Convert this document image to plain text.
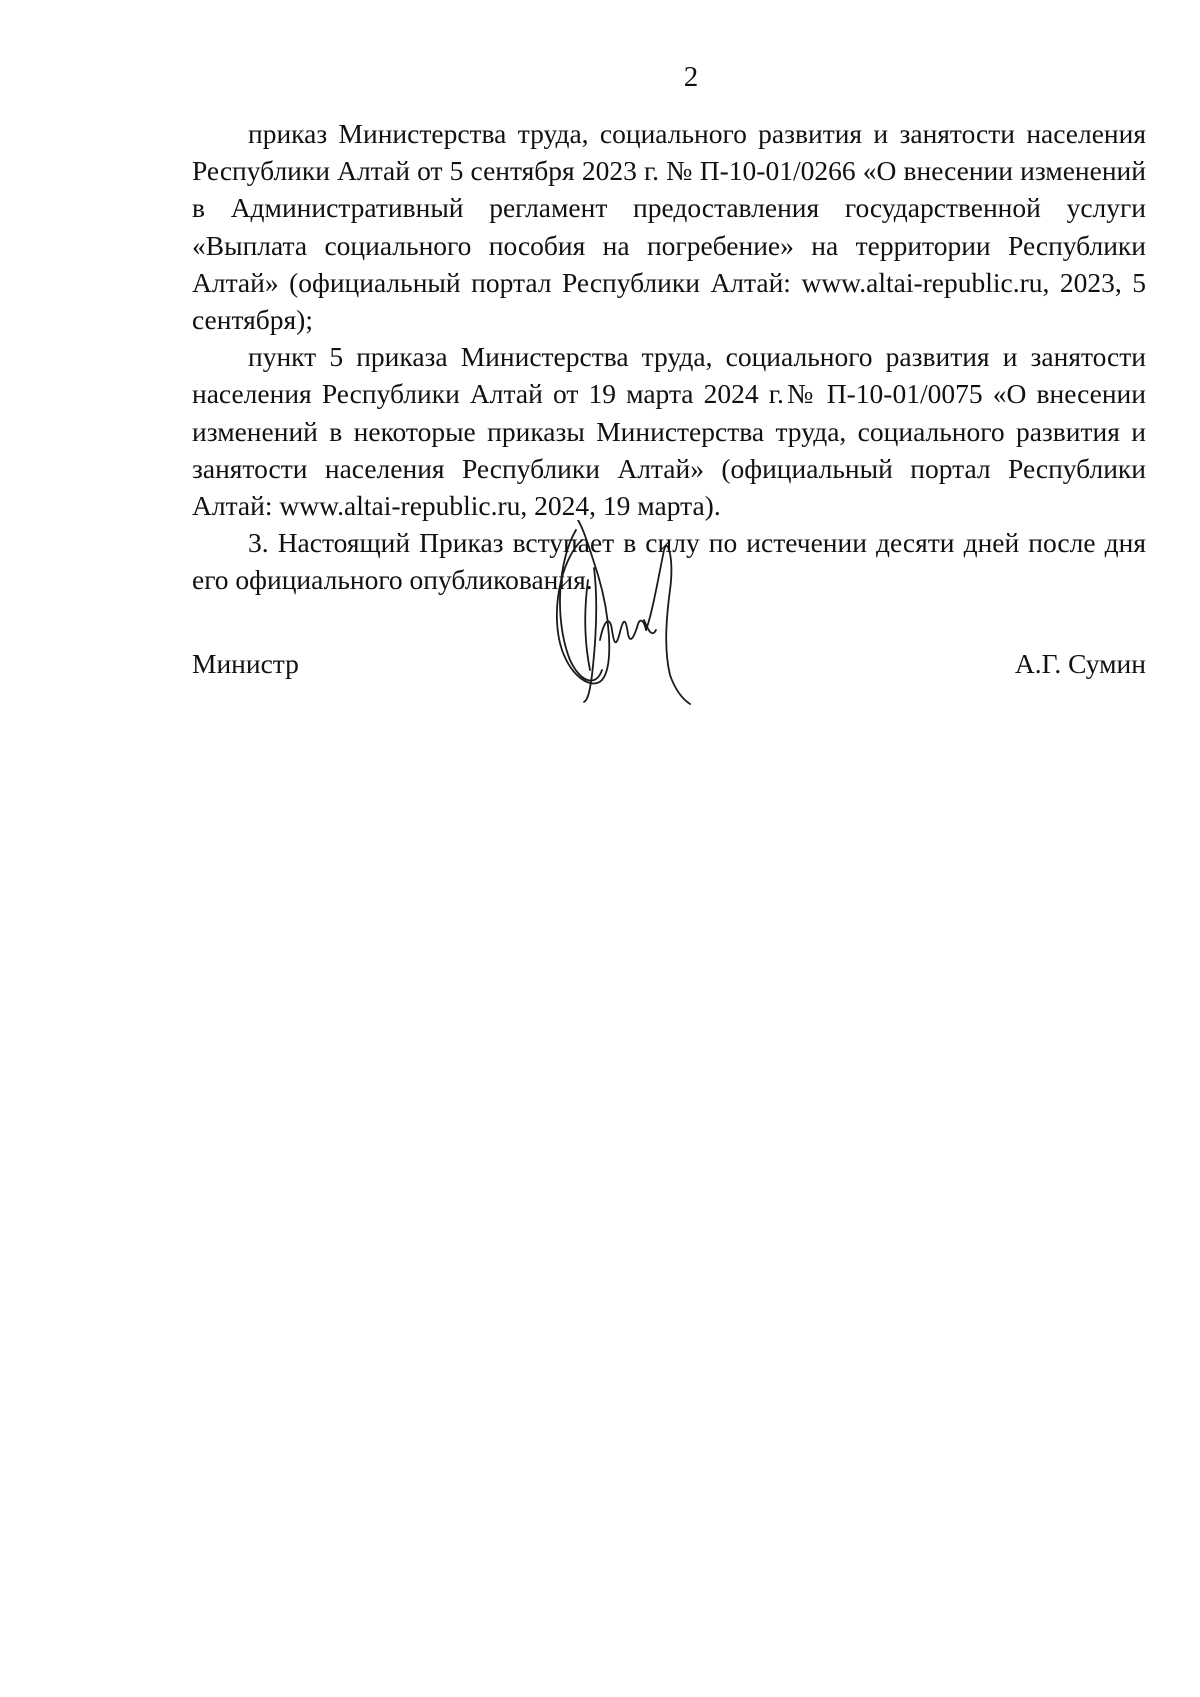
2

приказ Министерства труда, социального развития и занятости населения Республики Алтай от 5 сентября 2023 г. № П-10-01/0266 «О внесении изменений в Административный регламент предоставления государственной услуги «Выплата социального пособия на погребение» на территории Республики Алтай» (официальный портал Республики Алтай: www.altai-republic.ru, 2023, 5 сентября);

пункт 5 приказа Министерства труда, социального развития и занятости населения Республики Алтай от 19 марта 2024 г.№ П-10-01/0075 «О внесении изменений в некоторые приказы Министерства труда, социального развития и занятости населения Республики Алтай» (официальный портал Республики Алтай: www.altai-republic.ru, 2024, 19 марта).

3. Настоящий Приказ вступает в силу по истечении десяти дней после дня его официального опубликования.

Министр	А.Г. Сумин
